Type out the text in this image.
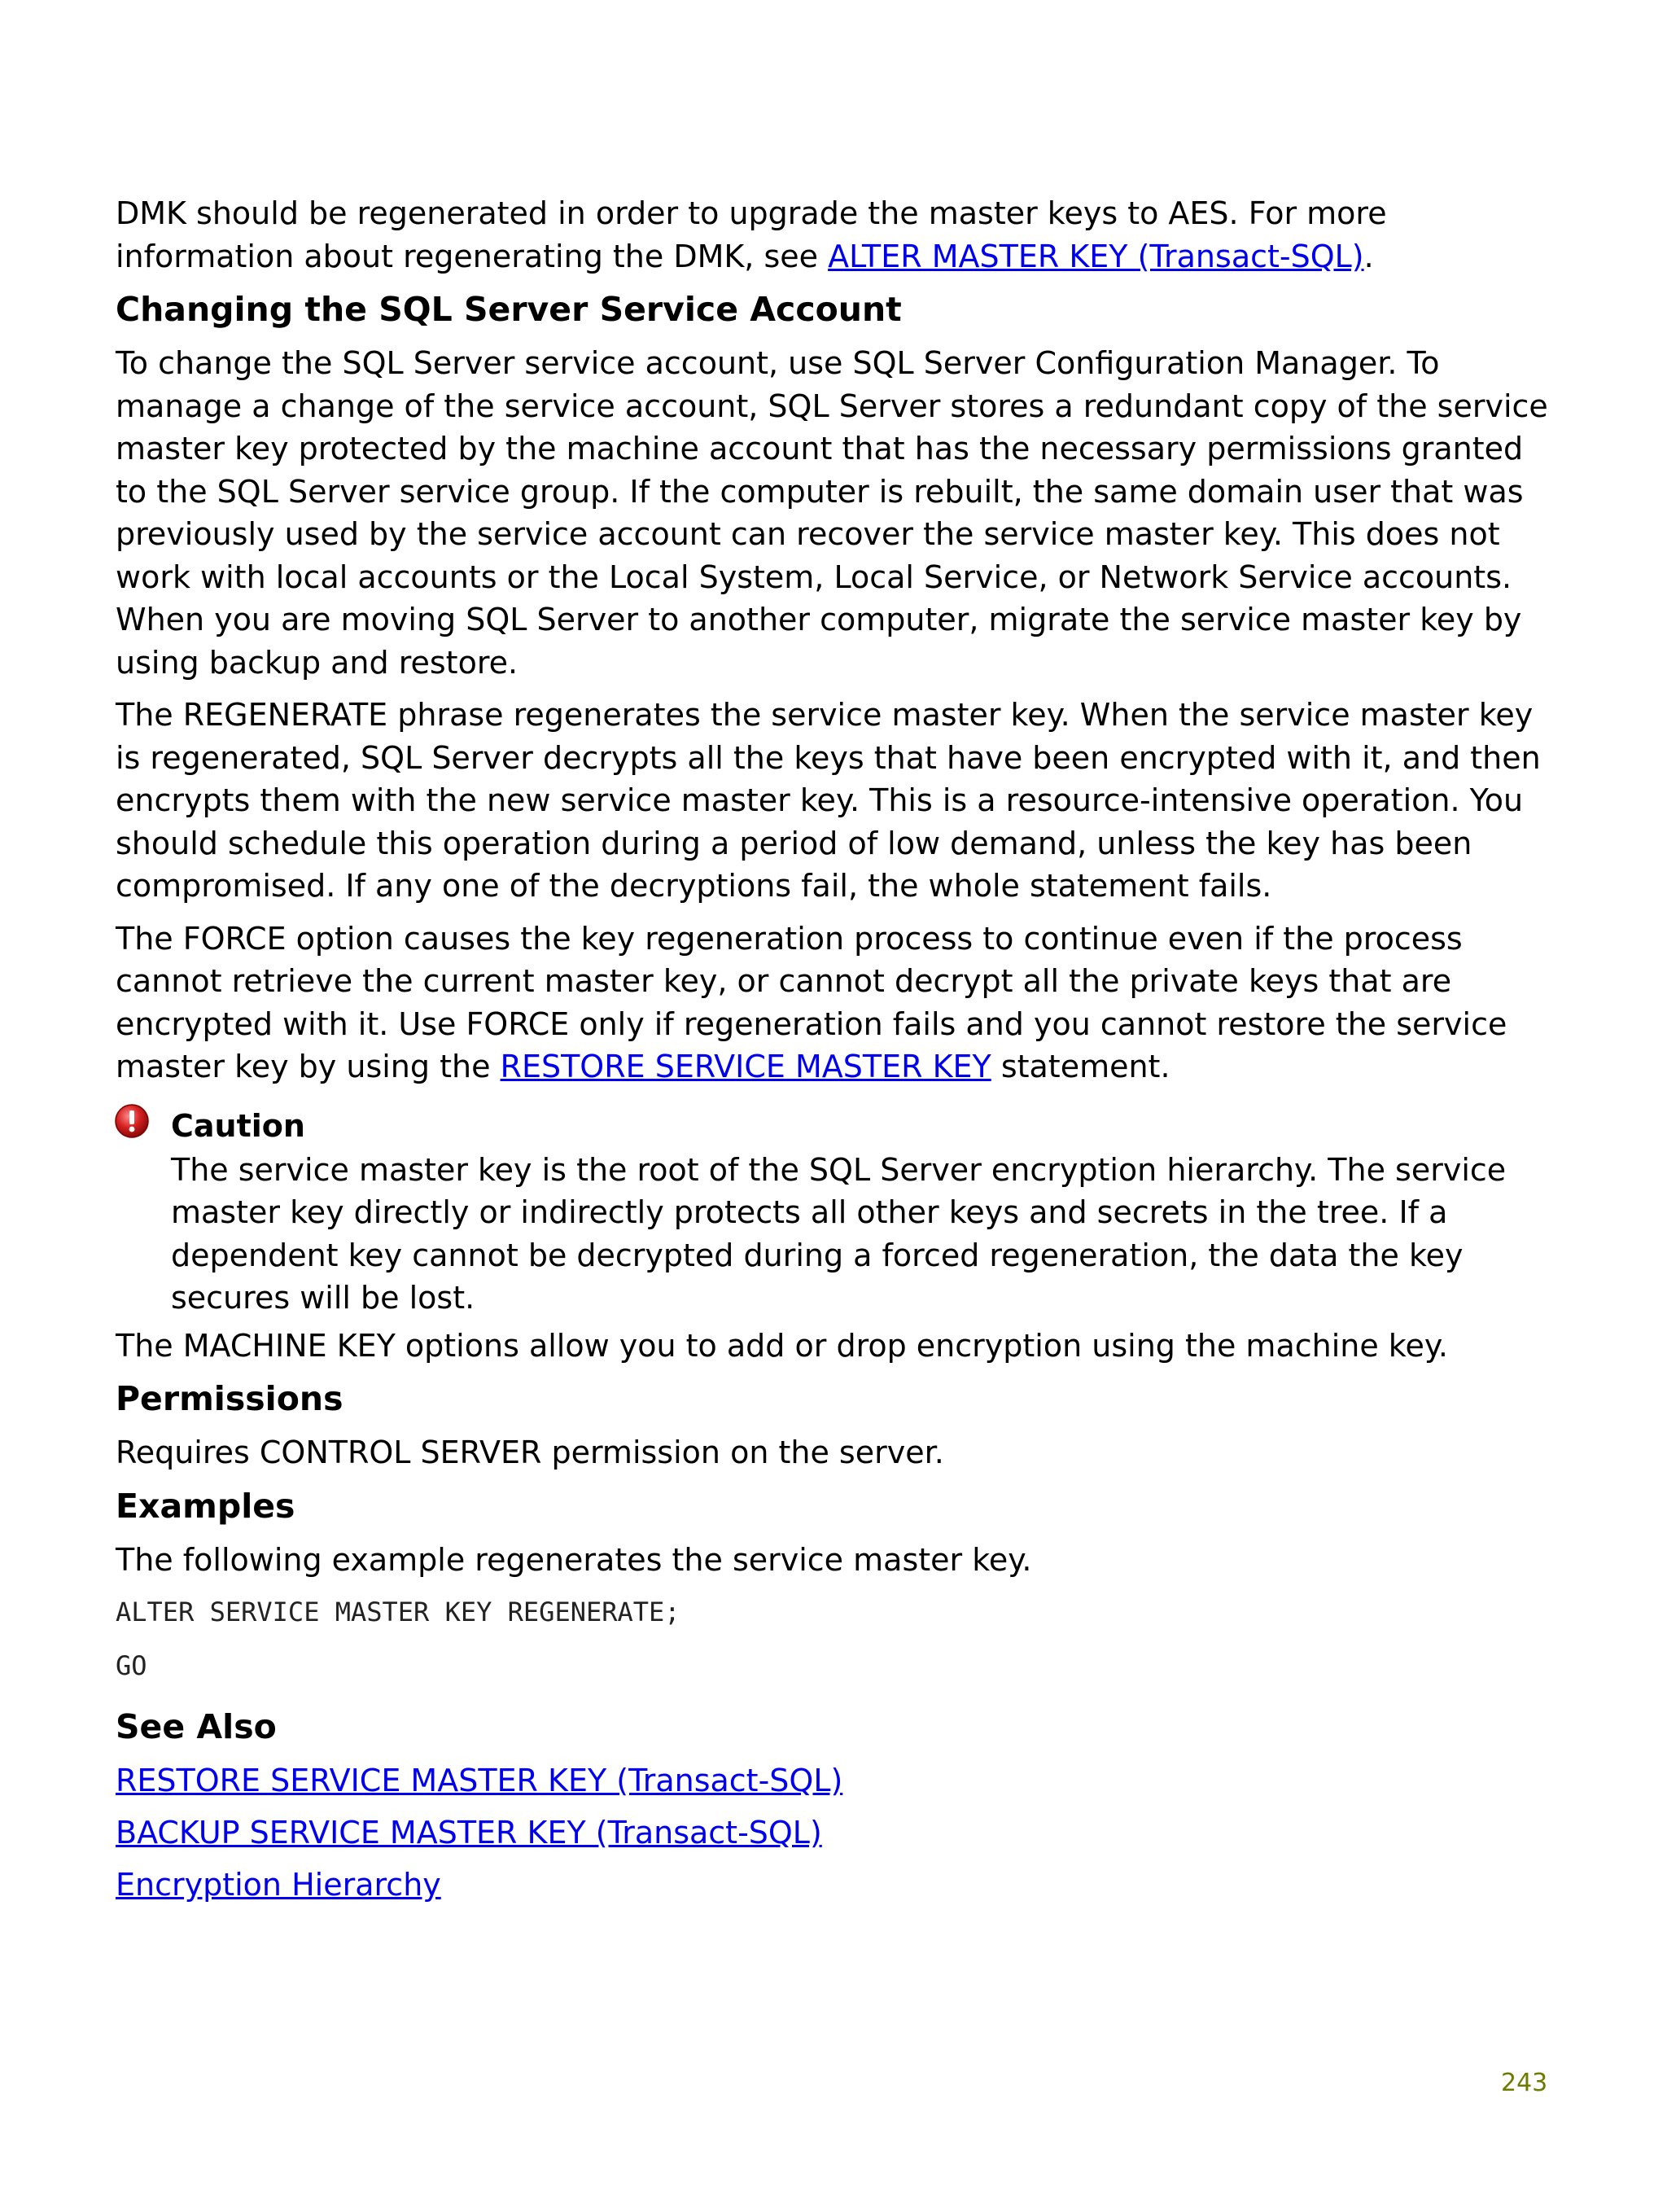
DMK should be regenerated in order to upgrade the master keys to AES. For more information about regenerating the DMK, see ALTER MASTER KEY (Transact-SQL).

Changing the SQL Server Service Account

To change the SQL Server service account, use SQL Server Configuration Manager. To manage a change of the service account, SQL Server stores a redundant copy of the service master key protected by the machine account that has the necessary permissions granted to the SQL Server service group. If the computer is rebuilt, the same domain user that was previously used by the service account can recover the service master key. This does not work with local accounts or the Local System, Local Service, or Network Service accounts. When you are moving SQL Server to another computer, migrate the service master key by using backup and restore.

The REGENERATE phrase regenerates the service master key. When the service master key is regenerated, SQL Server decrypts all the keys that have been encrypted with it, and then encrypts them with the new service master key. This is a resource-intensive operation. You should schedule this operation during a period of low demand, unless the key has been compromised. If any one of the decryptions fail, the whole statement fails.

The FORCE option causes the key regeneration process to continue even if the process cannot retrieve the current master key, or cannot decrypt all the private keys that are encrypted with it. Use FORCE only if regeneration fails and you cannot restore the service master key by using the RESTORE SERVICE MASTER KEY statement.

Caution
The service master key is the root of the SQL Server encryption hierarchy. The service master key directly or indirectly protects all other keys and secrets in the tree. If a dependent key cannot be decrypted during a forced regeneration, the data the key secures will be lost.

The MACHINE KEY options allow you to add or drop encryption using the machine key.

Permissions

Requires CONTROL SERVER permission on the server.

Examples

The following example regenerates the service master key.

ALTER SERVICE MASTER KEY REGENERATE;
GO
See Also
RESTORE SERVICE MASTER KEY (Transact-SQL)
BACKUP SERVICE MASTER KEY (Transact-SQL)
Encryption Hierarchy
243
